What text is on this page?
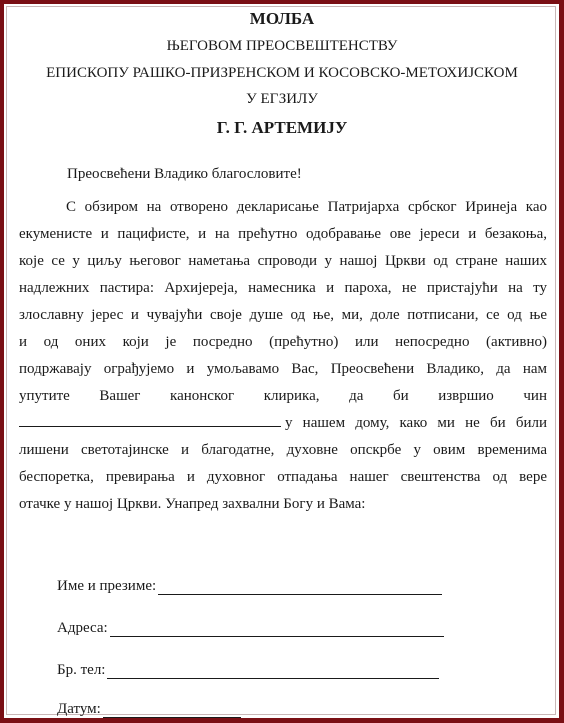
МОЛБА
ЊЕГОВОМ ПРЕОСВЕШТЕНСТВУ
ЕПИСКОПУ РАШКО-ПРИЗРЕНСКОМ И КОСОВСКО-МЕТОХИЈСКОМ
У ЕГЗИЛУ
Г. Г. АРТЕМИЈУ
Преосвећени Владико благословите!
С обзиром на отворено декларисање Патријарха србског Иринеја као
екуменисте и пацифисте, и на прећутно одобравање ове јереси и безакоња,
које се у циљу његовог наметања спроводи у нашој Цркви од стране наших
надлежних пастира: Архијереја, намесника и пароха, не пристајући на ту
злославну јерес и чувајући своје душе од ње, ми, доле потписани, се од ње
и од оних који је посредно (прећутно) или непосредно (активно)
подржавају ограђујемо и умољавамо Вас, Преосвећени Владико, да нам
упутите Вашег канонског клирика, да би извршио чин
у нашем дому, како ми не би били
лишени светотајинске и благодатне, духовне опскрбе у овим временима
беспоретка, превирања и духовног отпадања нашег свештенства од вере
отачке у нашој Цркви. Унапред захвални Богу и Вама:
Име и презиме:
Адреса:
Бр. тел:
Датум:
